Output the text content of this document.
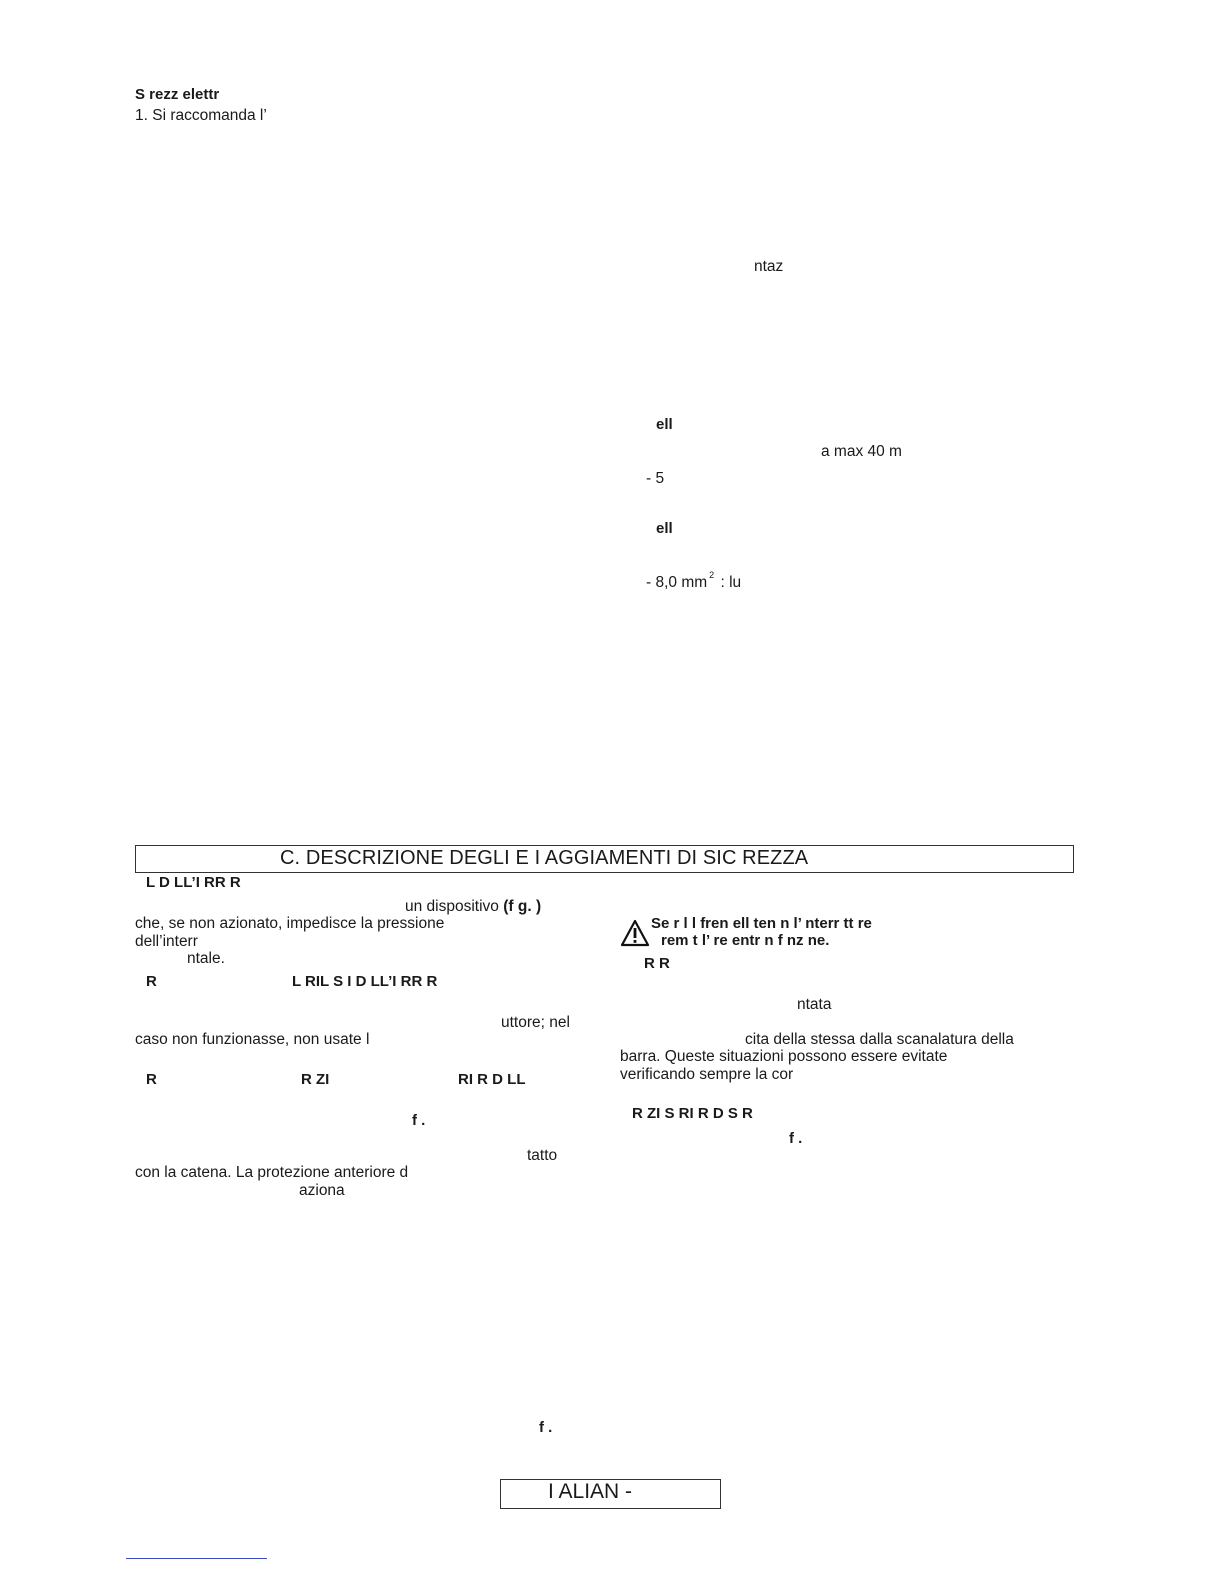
S rezz elettr
1. Si raccomanda l’
ntaz
ell
a max 40 m
- 5
ell
- 8,0 mm $^2$ : lu
C. DESCRIZIONE DEGLI E I AGGIAMENTI DI SIC REZZA
L D LL’I RR R
un dispositivo (f g. )
che, se non azionato, impedisce la pressione
dell’interr
ntale.
R	L RIL S I D LL’I RR R
uttore; nel
caso non funzionasse, non usate l
R	R ZI	RI R D LL
f .
tatto
con la catena. La protezione anteriore d
aziona
f .
Se r l l fren ell ten n l’ nterr tt re
rem t l’ re entr n f nz ne.
R R
ntata
cita della stessa dalla scanalatura della
barra. Queste situazioni possono essere evitate
verificando sempre la cor
R ZI S RI R D S R
f .
I ALIAN -
